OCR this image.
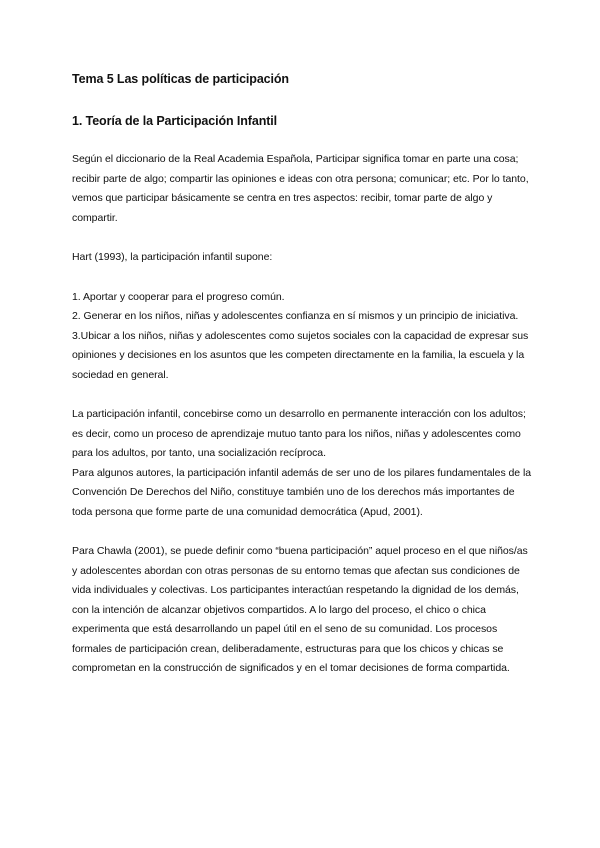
Tema 5 Las políticas de participación
1. Teoría de la Participación Infantil

Según el diccionario de la Real Academia Española, Participar significa tomar en parte una cosa; recibir parte de algo; compartir las opiniones e ideas con otra persona; comunicar; etc. Por lo tanto, vemos que participar básicamente se centra en tres aspectos: recibir, tomar parte de algo y compartir.

Hart (1993), la participación infantil supone:

1. Aportar y cooperar para el progreso común.

2. Generar en los niños, niñas y adolescentes confianza en sí mismos y un principio de iniciativa.

3.Ubicar a los niños, niñas y adolescentes como sujetos sociales con la capacidad de expresar sus opiniones y decisiones en los asuntos que les competen directamente en la familia, la escuela y la sociedad en general.

La participación infantil, concebirse como un desarrollo en permanente interacción con los adultos; es decir, como un proceso de aprendizaje mutuo tanto para los niños, niñas y adolescentes como para los adultos, por tanto, una socialización recíproca.

Para algunos autores, la participación infantil además de ser uno de los pilares fundamentales de la Convención De Derechos del Niño, constituye también uno de los derechos más importantes de toda persona que forme parte de una comunidad democrática (Apud, 2001).

Para Chawla (2001), se puede definir como “buena participación” aquel proceso en el que niños/as y adolescentes abordan con otras personas de su entorno temas que afectan sus condiciones de vida individuales y colectivas. Los participantes interactúan respetando la dignidad de los demás, con la intención de alcanzar objetivos compartidos. A lo largo del proceso, el chico o chica experimenta que está desarrollando un papel útil en el seno de su comunidad. Los procesos formales de participación crean, deliberadamente, estructuras para que los chicos y chicas se comprometan en la construcción de significados y en el tomar decisiones de forma compartida.
